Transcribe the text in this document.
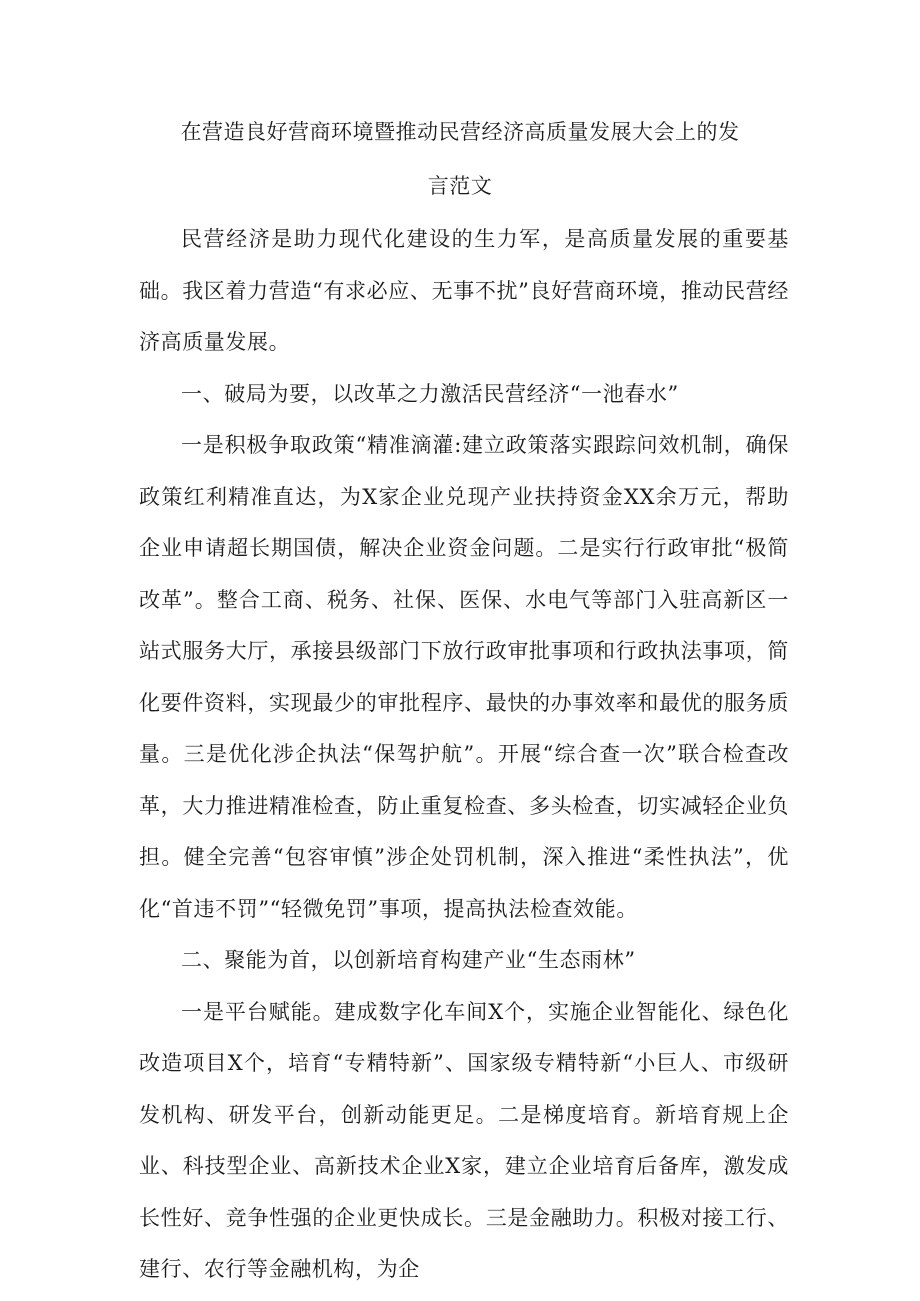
在营造良好营商环境暨推动民营经济高质量发展大会上的发
言范文

民营经济是助力现代化建设的生力军，是高质量发展的重要基础。我区着力营造“有求必应、无事不扰”良好营商环境，推动民营经济高质量发展。

一、破局为要，以改革之力激活民营经济“一池春水”

一是积极争取政策“精准滴灌:建立政策落实跟踪问效机制，确保政策红利精准直达，为X家企业兑现产业扶持资金XX余万元，帮助企业申请超长期国债，解决企业资金问题。二是实行行政审批“极简改革”。整合工商、税务、社保、医保、水电气等部门入驻高新区一站式服务大厅，承接县级部门下放行政审批事项和行政执法事项，简化要件资料，实现最少的审批程序、最快的办事效率和最优的服务质量。三是优化涉企执法“保驾护航”。开展“综合查一次”联合检查改革，大力推进精准检查，防止重复检查、多头检查，切实减轻企业负担。健全完善“包容审慎”涉企处罚机制，深入推进“柔性执法”，优化“首违不罚”“轻微免罚”事项，提高执法检查效能。

二、聚能为首，以创新培育构建产业“生态雨林”

一是平台赋能。建成数字化车间X个，实施企业智能化、绿色化改造项目X个，培育“专精特新”、国家级专精特新“小巨人、市级研发机构、研发平台，创新动能更足。二是梯度培育。新培育规上企业、科技型企业、高新技术企业X家，建立企业培育后备库，激发成长性好、竞争性强的企业更快成长。三是金融助力。积极对接工行、建行、农行等金融机构，为企
